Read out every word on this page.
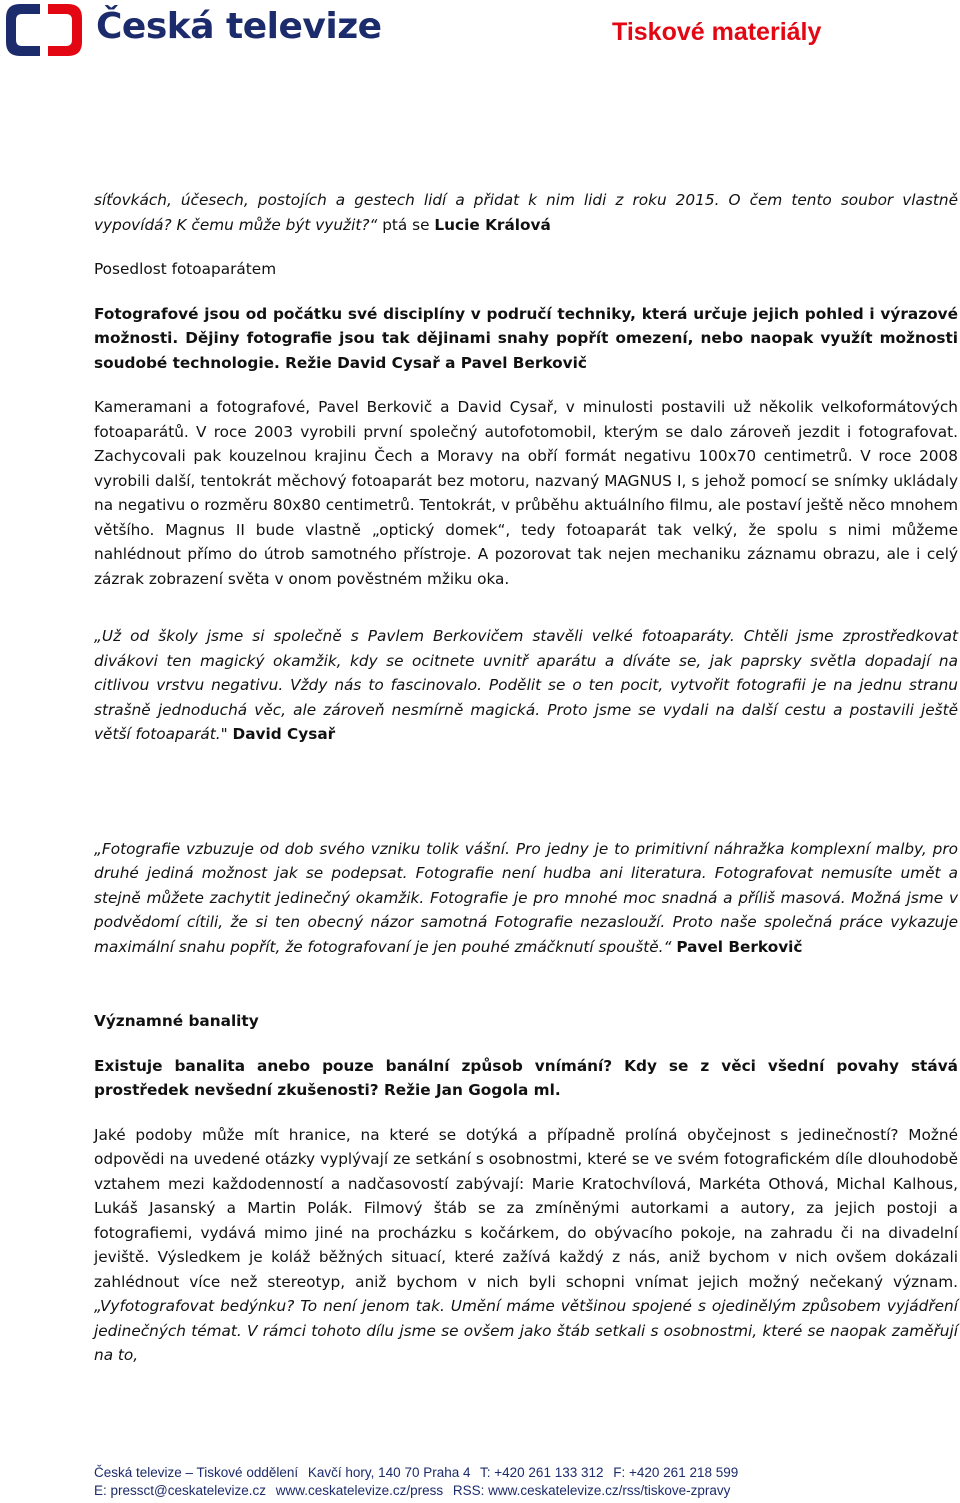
Česká televize	Tiskové materiály

síťovkách, účesech, postojích a gestech lidí a přidat k nim lidi z roku 2015. O čem tento soubor vlastně vypovídá? K čemu může být využit?“ ptá se Lucie Králová

Posedlost fotoaparátem

Fotografové jsou od počátku své disciplíny v područí techniky, která určuje jejich pohled i výrazové možnosti. Dějiny fotografie jsou tak dějinami snahy popřít omezení, nebo naopak využít možnosti soudobé technologie. Režie David Cysař a Pavel Berkovič

Kameramani a fotografové, Pavel Berkovič a David Cysař, v minulosti postavili už několik velkoformátových fotoaparátů. V roce 2003 vyrobili první společný autofotomobil, kterým se dalo zároveň jezdit i fotografovat. Zachycovali pak kouzelnou krajinu Čech a Moravy na obří formát negativu 100x70 centimetrů. V roce 2008 vyrobili další, tentokrát měchový fotoaparát bez motoru, nazvaný MAGNUS I, s jehož pomocí se snímky ukládaly na negativu o rozměru 80x80 centimetrů. Tentokrát, v průběhu aktuálního filmu, ale postaví ještě něco mnohem většího. Magnus II bude vlastně „optický domek“, tedy fotoaparát tak velký, že spolu s nimi můžeme nahlédnout přímo do útrob samotného přístroje. A pozorovat tak nejen mechaniku záznamu obrazu, ale i celý zázrak zobrazení světa v onom pověstném mžiku oka.

„Už od školy jsme si společně s Pavlem Berkovičem stavěli velké fotoaparáty. Chtěli jsme zprostředkovat divákovi ten magický okamžik, kdy se ocitnete uvnitř aparátu a díváte se, jak paprsky světla dopadají na citlivou vrstvu negativu. Vždy nás to fascinovalo. Podělit se o ten pocit, vytvořit fotografii je na jednu stranu strašně jednoduchá věc, ale zároveň nesmírně magická. Proto jsme se vydali na další cestu a postavili ještě větší fotoaparát." David Cysař

„Fotografie vzbuzuje od dob svého vzniku tolik vášní. Pro jedny je to primitivní náhražka komplexní malby, pro druhé jediná možnost jak se podepsat. Fotografie není hudba ani literatura. Fotografovat nemusíte umět a stejně můžete zachytit jedinečný okamžik. Fotografie je pro mnohé moc snadná a příliš masová. Možná jsme v podvědomí cítili, že si ten obecný názor samotná Fotografie nezaslouží. Proto naše společná práce vykazuje maximální snahu popřít, že fotografovaní je jen pouhé zmáčknutí spouště.“ Pavel Berkovič

Významné banality

Existuje banalita anebo pouze banální způsob vnímání? Kdy se z věci všední povahy stává prostředek nevšední zkušenosti? Režie Jan Gogola ml.

Jaké podoby může mít hranice, na které se dotýká a případně prolíná obyčejnost s jedinečností? Možné odpovědi na uvedené otázky vyplývají ze setkání s osobnostmi, které se ve svém fotografickém díle dlouhodobě vztahem mezi každodenností a nadčasovostí zabývají: Marie Kratochvílová, Markéta Othová, Michal Kalhous, Lukáš Jasanský a Martin Polák. Filmový štáb se za zmíněnými autorkami a autory, za jejich postoji a fotografiemi, vydává mimo jiné na procházku s kočárkem, do obývacího pokoje, na zahradu či na divadelní jeviště. Výsledkem je koláž běžných situací, které zažívá každý z nás, aniž bychom v nich ovšem dokázali zahlédnout více než stereotyp, aniž bychom v nich byli schopni vnímat jejich možný nečekaný význam. „Vyfotografovat bedýnku? To není jenom tak. Umění máme většinou spojené s ojedinělým způsobem vyjádření jedinečných témat. V rámci tohoto dílu jsme se ovšem jako štáb setkali s osobnostmi, které se naopak zaměřují na to,

Česká televize – Tiskové oddělení Kavčí hory, 140 70 Praha 4 T: +420 261 133 312 F: +420 261 218 599
E: pressct@ceskatelevize.cz www.ceskatelevize.cz/press RSS: www.ceskatelevize.cz/rss/tiskove-zpravy
